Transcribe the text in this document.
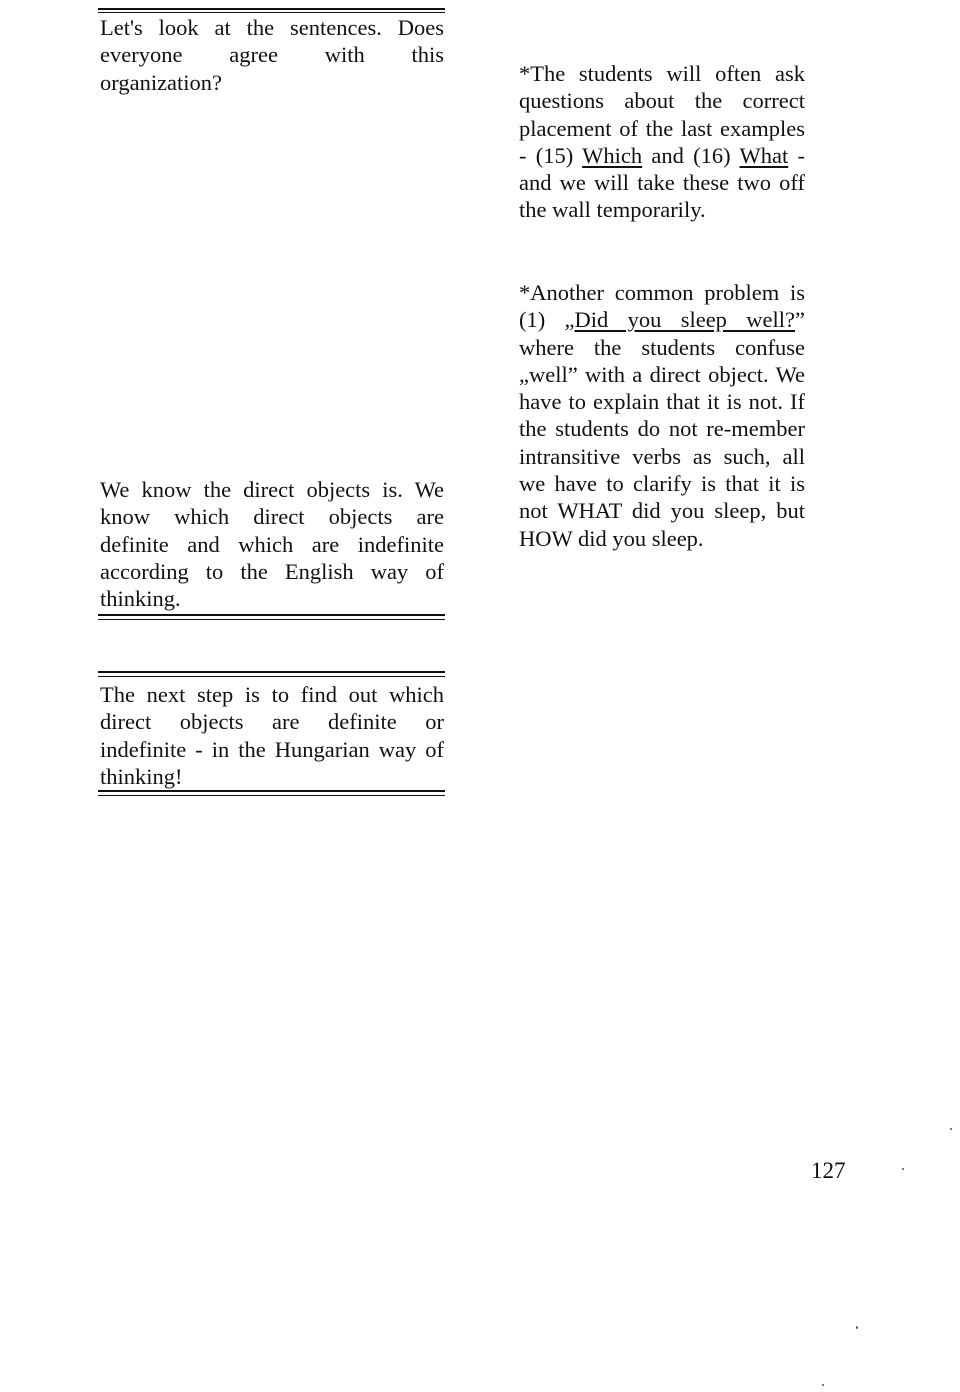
Let's look at the sentences. Does everyone agree with this organization?	*The students will often ask questions about the correct placement of the last examples - (15) Which and (16) What - and we will take these two off the wall temporarily.
*Another common problem is (1) „Did you sleep well?” where the students confuse „well” with a direct object. We have to explain that it is not. If the students do not re-member intransitive verbs as such, all we have to clarify is that it is not WHAT did you sleep, but HOW did you sleep.
We know the direct objects is. We know which direct objects are definite and which are indefinite according to the English way of thinking.
The next step is to find out which direct objects are definite or indefinite - in the Hungarian way of thinking!
127
